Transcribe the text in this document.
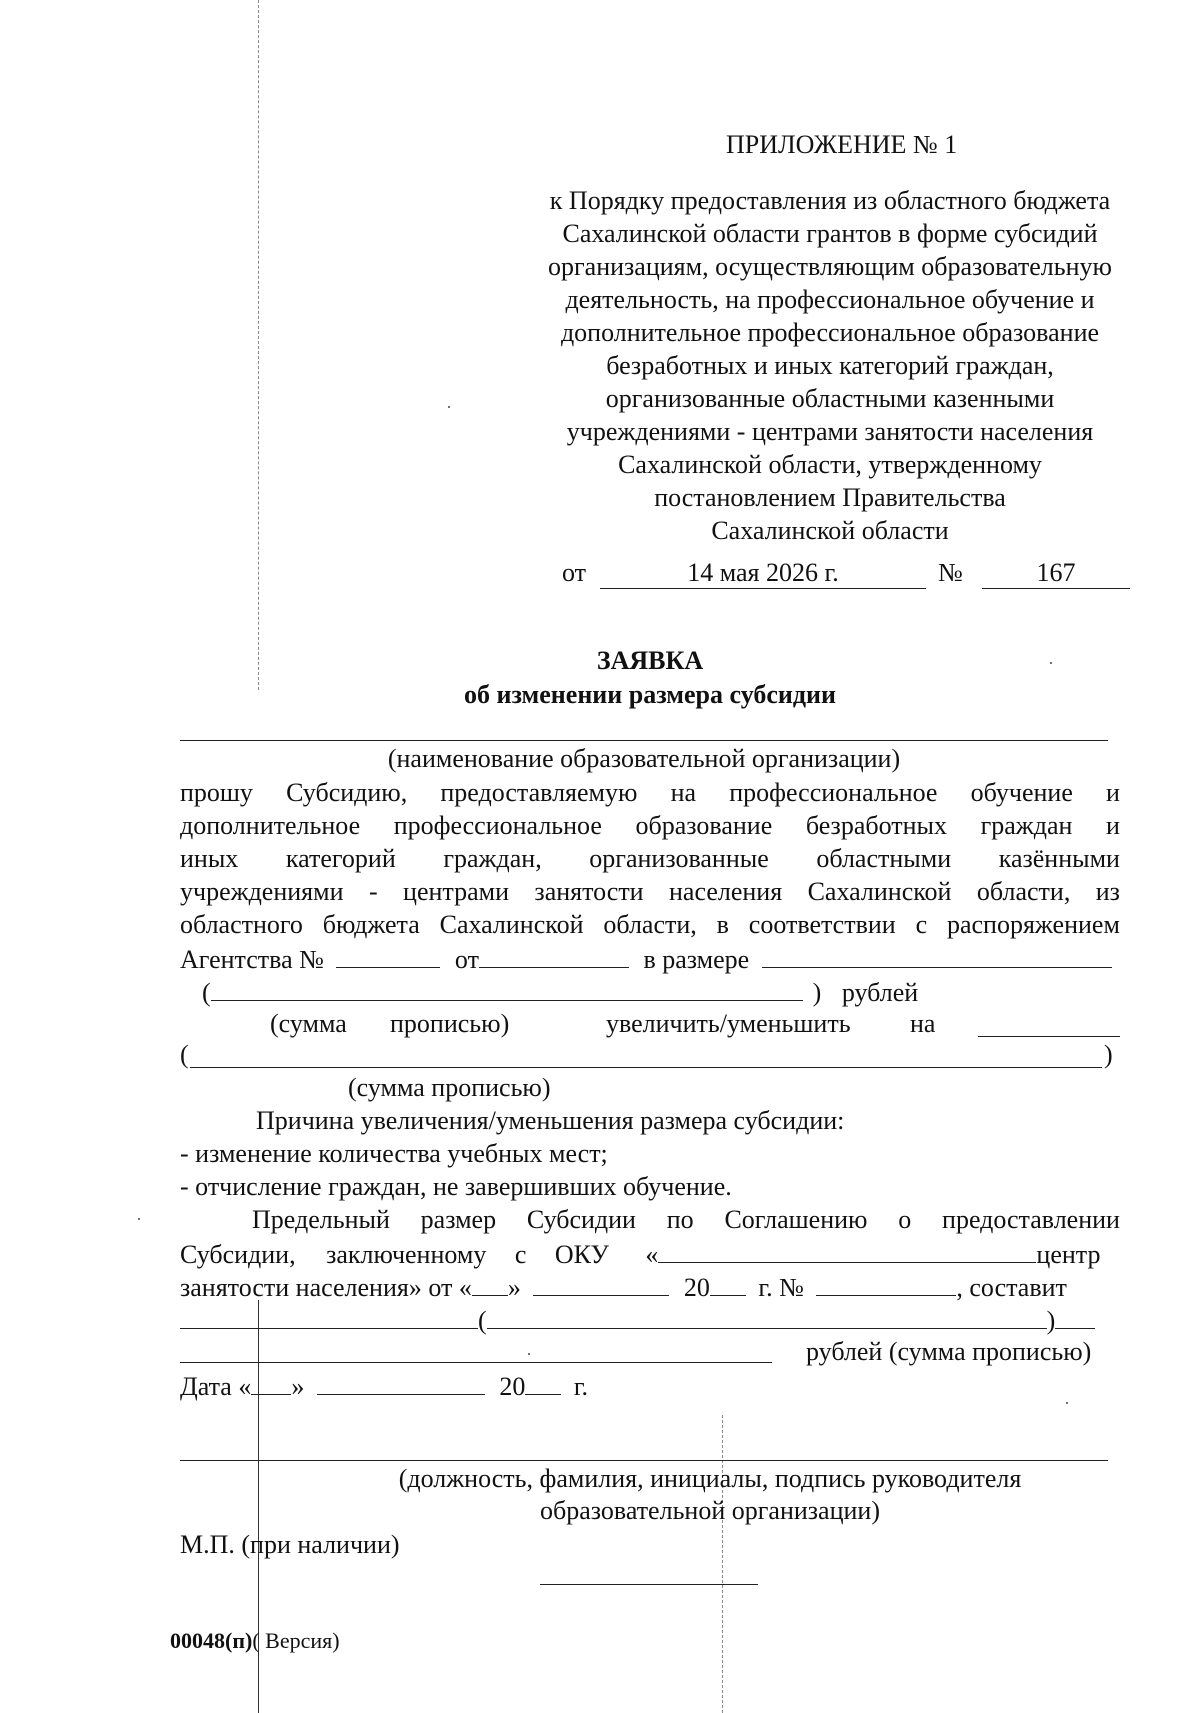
ПРИЛОЖЕНИЕ № 1
к Порядку предоставления из областного бюджета
Сахалинской области грантов в форме субсидий
организациям, осуществляющим образовательную
деятельность, на профессиональное обучение и
дополнительное профессиональное образование
безработных и иных категорий граждан,
организованные областными казенными
учреждениями - центрами занятости населения
Сахалинской области, утвержденному
постановлением Правительства
Сахалинской области
от	14 мая 2026 г.	№	167
ЗАЯВКА
об изменении размера субсидии
(наименование образовательной организации)
прошу Субсидию, предоставляемую на профессиональное обучение и
дополнительное профессиональное образование безработных граждан и
иных категорий граждан, организованные областными казёнными
учреждениями - центрами занятости населения Сахалинской области, из
областного бюджета Сахалинской области, в соответствии с распоряжением
Агентства №	от	в размере
(	) рублей
(сумма прописью)	увеличить/уменьшить на
(	)
(сумма прописью)
Причина увеличения/уменьшения размера субсидии:
- изменение количества учебных мест;
- отчисление граждан, не завершивших обучение.
Предельный размер Субсидии по Соглашению о предоставлении
Субсидии, заключенному с ОКУ «	центр
занятости населения» от « »	20 г. №	, составит
(	)
рублей (сумма прописью)
Дата « »	20 г.
(должность, фамилия, инициалы, подпись руководителя
образовательной организации)
М.П. (при наличии)
00048(п)( Версия)
